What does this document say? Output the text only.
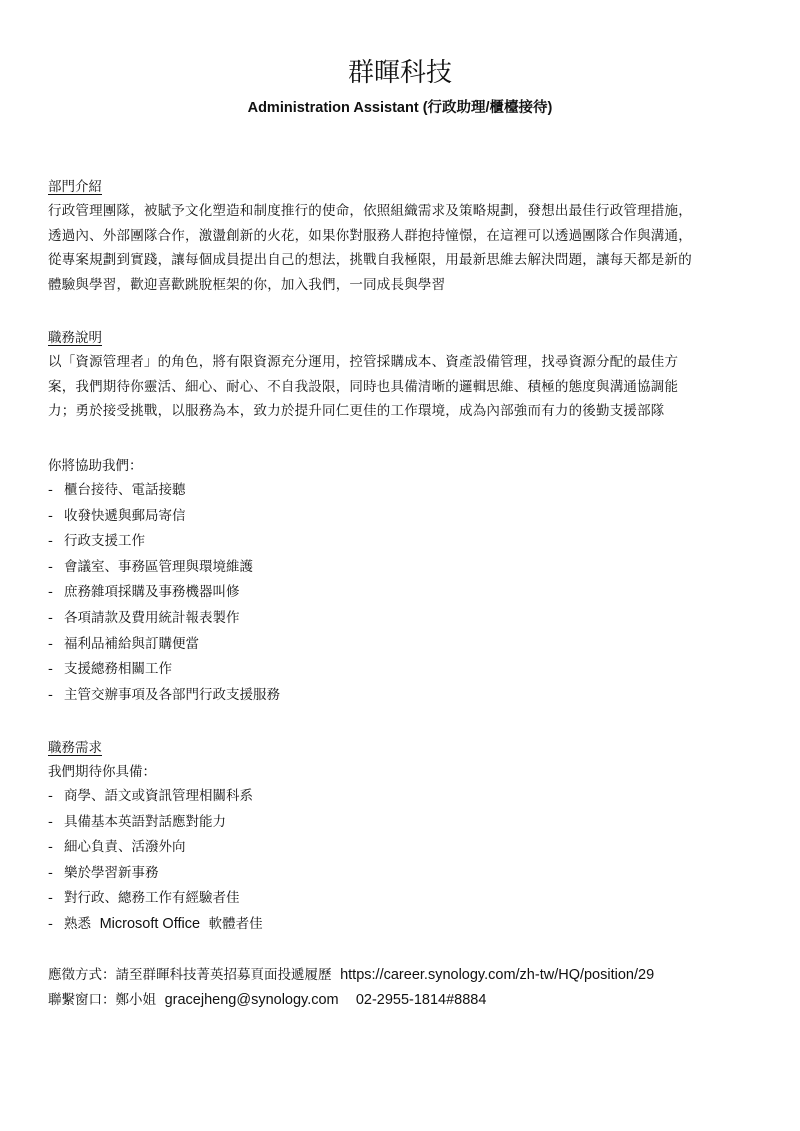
群暉科技
Administration Assistant (行政助理/櫃檯接待)
部門介紹
行政管理團隊，被賦予文化塑造和制度推行的使命，依照組織需求及策略規劃，發想出最佳行政管理措施，
透過內、外部團隊合作，激盪創新的火花，如果你對服務人群抱持憧憬，在這裡可以透過團隊合作與溝通，
從專案規劃到實踐，讓每個成員提出自己的想法，挑戰自我極限，用最新思維去解決問題，讓每天都是新的
體驗與學習，歡迎喜歡跳脫框架的你，加入我們，一同成長與學習
職務說明
以「資源管理者」的角色，將有限資源充分運用，控管採購成本、資產設備管理，找尋資源分配的最佳方
案，我們期待你靈活、細心、耐心、不自我設限，同時也具備清晰的邏輯思維、積極的態度與溝通協調能
力；勇於接受挑戰，以服務為本，致力於提升同仁更佳的工作環境，成為內部強而有力的後勤支援部隊
你將協助我們：
- 櫃台接待、電話接聽
- 收發快遞與郵局寄信
- 行政支援工作
- 會議室、事務區管理與環境維護
- 庶務雜項採購及事務機器叫修
- 各項請款及費用統計報表製作
- 福利品補給與訂購便當
- 支援總務相關工作
- 主管交辦事項及各部門行政支援服務
職務需求
我們期待你具備：
- 商學、語文或資訊管理相關科系
- 具備基本英語對話應對能力
- 細心負責、活潑外向
- 樂於學習新事務
- 對行政、總務工作有經驗者佳
- 熟悉 Microsoft Office 軟體者佳
應徵方式：請至群暉科技菁英招募頁面投遞履歷 https://career.synology.com/zh-tw/HQ/position/29
聯繫窗口：鄭小姐 gracejheng@synology.com 02-2955-1814#8884
